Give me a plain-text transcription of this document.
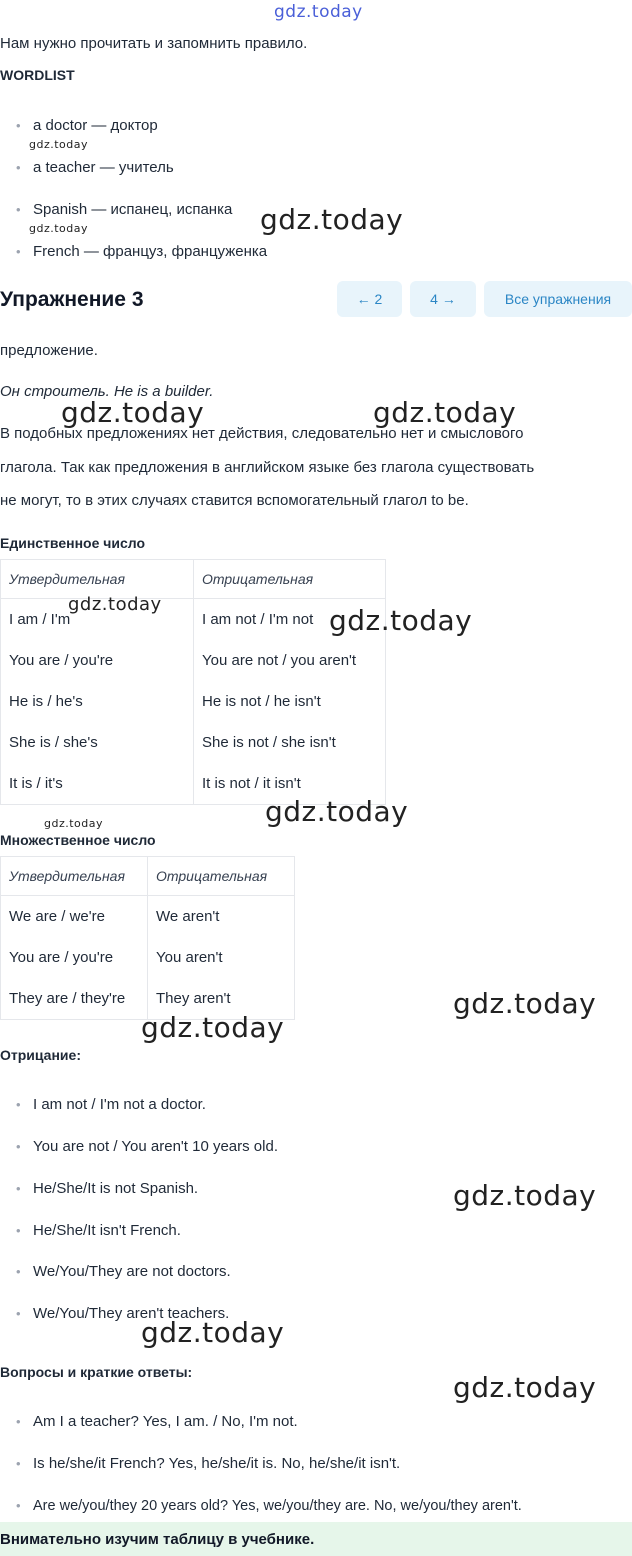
gdz.today
Нам нужно прочитать и запомнить правило.
WORDLIST
• a doctor — доктор
• a teacher — учитель
• Spanish — испанец, испанка
• French — француз, француженка
Упражнение 3	← 2	4 →	Все упражнения
предложение.
Он строитель. He is a builder.
В подобных предложениях нет действия, следовательно нет и смыслового
глагола. Так как предложения в английском языке без глагола существовать
не могут, то в этих случаях ставится вспомогательный глагол to be.
Единственное число
Утвердительная	Отрицательная
I am / I'm	I am not / I'm not
You are / you're	You are not / you aren't
He is / he's	He is not / he isn't
She is / she's	She is not / she isn't
It is / it's	It is not / it isn't
Множественное число
Утвердительная	Отрицательная
We are / we're	We aren't
You are / you're	You aren't
They are / they're	They aren't
Отрицание:
• I am not / I'm not a doctor.
• You are not / You aren't 10 years old.
• He/She/It is not Spanish.
• He/She/It isn't French.
• We/You/They are not doctors.
• We/You/They aren't teachers.
Вопросы и краткие ответы:
• Am I a teacher? Yes, I am. / No, I'm not.
• Is he/she/it French? Yes, he/she/it is. No, he/she/it isn't.
• Are we/you/they 20 years old? Yes, we/you/they are. No, we/you/they aren't.
Внимательно изучим таблицу в учебнике.
gdz.today
gdz.today	gdz.today
gdz.today	gdz.today
gdz.today	gdz.today
gdz.today
gdz.today
gdz.today
gdz.today
gdz.today
gdz.today
gdz.today
